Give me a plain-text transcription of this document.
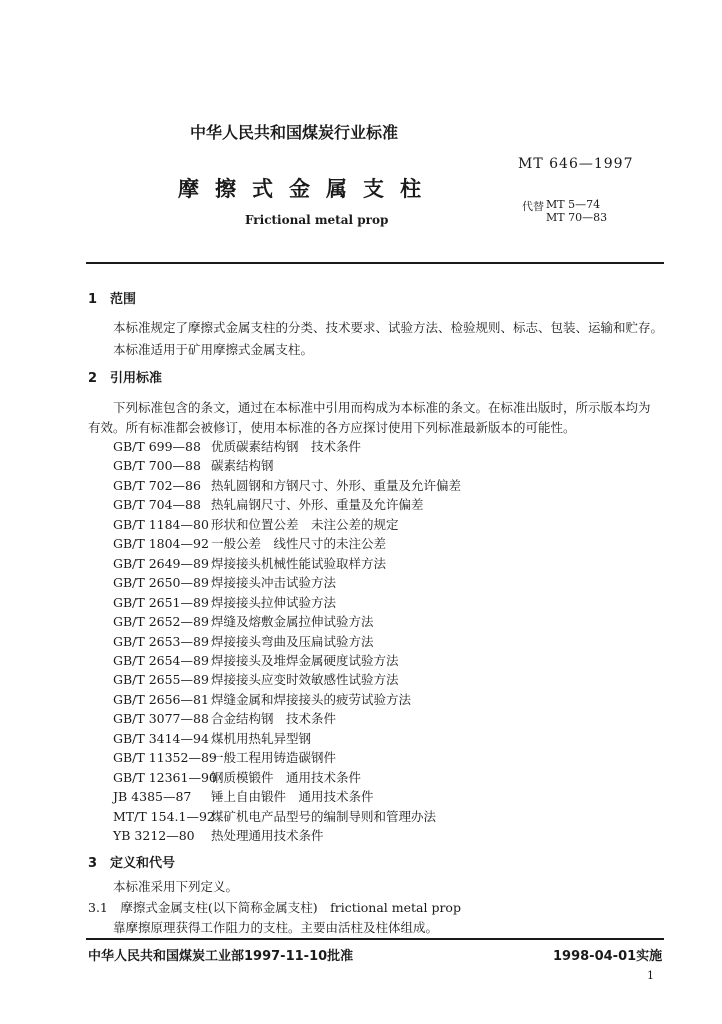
中华人民共和国煤炭行业标准
MT 646—1997
摩擦式金属支柱
代替 MT 5—74
MT 70—83
Frictional metal prop
1　范围
本标准规定了摩擦式金属支柱的分类、技术要求、试验方法、检验规则、标志、包装、运输和贮存。
本标准适用于矿用摩擦式金属支柱。
2　引用标准
下列标准包含的条文，通过在本标准中引用而构成为本标准的条文。在标准出版时，所示版本均为
有效。所有标准都会被修订，使用本标准的各方应探讨使用下列标准最新版本的可能性。
GB/T 699—88 优质碳素结构钢　技术条件
GB/T 700—88 碳素结构钢
GB/T 702—86 热轧圆钢和方钢尺寸、外形、重量及允许偏差
GB/T 704—88 热轧扁钢尺寸、外形、重量及允许偏差
GB/T 1184—80 形状和位置公差　未注公差的规定
GB/T 1804—92 一般公差　线性尺寸的未注公差
GB/T 2649—89 焊接接头机械性能试验取样方法
GB/T 2650—89 焊接接头冲击试验方法
GB/T 2651—89 焊接接头拉伸试验方法
GB/T 2652—89 焊缝及熔敷金属拉伸试验方法
GB/T 2653—89 焊接接头弯曲及压扁试验方法
GB/T 2654—89 焊接接头及堆焊金属硬度试验方法
GB/T 2655—89 焊接接头应变时效敏感性试验方法
GB/T 2656—81 焊缝金属和焊接接头的疲劳试验方法
GB/T 3077—88 合金结构钢　技术条件
GB/T 3414—94 煤机用热轧异型钢
GB/T 11352—89一般工程用铸造碳钢件
GB/T 12361—90钢质模锻件　通用技术条件
JB 4385—87 锤上自由锻件　通用技术条件
MT/T 154.1—92煤矿机电产品型号的编制导则和管理办法
YB 3212—80 热处理通用技术条件
3　定义和代号
本标准采用下列定义。
3.1　摩擦式金属支柱(以下简称金属支柱)　frictional metal prop
靠摩擦原理获得工作阻力的支柱。主要由活柱及柱体组成。
中华人民共和国煤炭工业部1997-11-10批准	1998-04-01实施
1
